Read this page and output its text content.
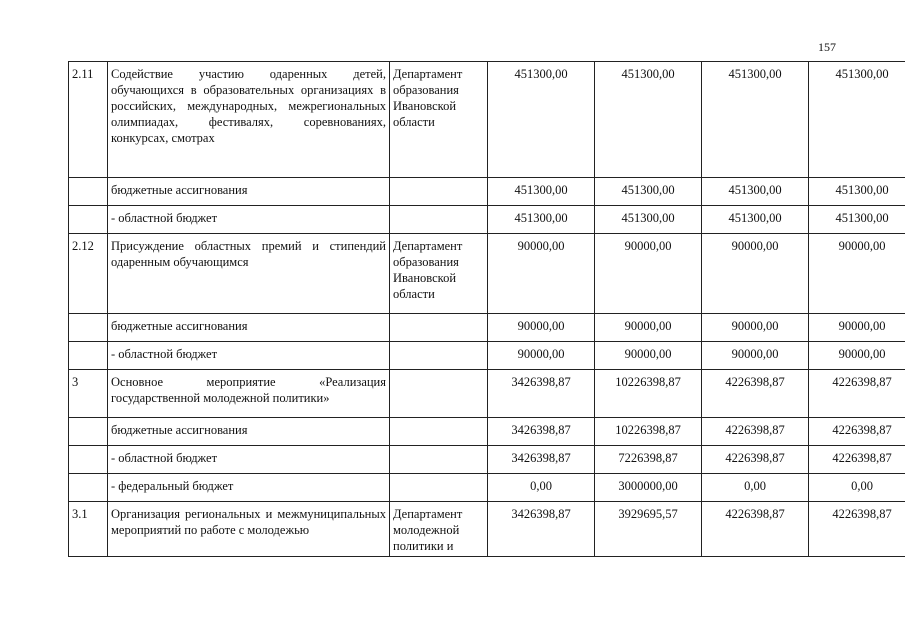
157
2.11	Содействие участию одаренных детей, обучающихся в образовательных организациях в российских, международных, межрегиональных олимпиадах, фестивалях, соревнованиях, конкурсах, смотрах	Департамент образования Ивановской области	451300,00	451300,00	451300,00	451300,00
	бюджетные ассигнования		451300,00	451300,00	451300,00	451300,00
	- областной бюджет		451300,00	451300,00	451300,00	451300,00
2.12	Присуждение областных премий и стипендий одаренным обучающимся	Департамент образования Ивановской области	90000,00	90000,00	90000,00	90000,00
	бюджетные ассигнования		90000,00	90000,00	90000,00	90000,00
	- областной бюджет		90000,00	90000,00	90000,00	90000,00
3	Основное мероприятие «Реализация государственной молодежной политики»		3426398,87	10226398,87	4226398,87	4226398,87
	бюджетные ассигнования		3426398,87	10226398,87	4226398,87	4226398,87
	- областной бюджет		3426398,87	7226398,87	4226398,87	4226398,87
	- федеральный бюджет		0,00	3000000,00	0,00	0,00
3.1	Организация региональных и межмуниципальных мероприятий по работе с молодежью	Департамент молодежной политики и	3426398,87	3929695,57	4226398,87	4226398,87
